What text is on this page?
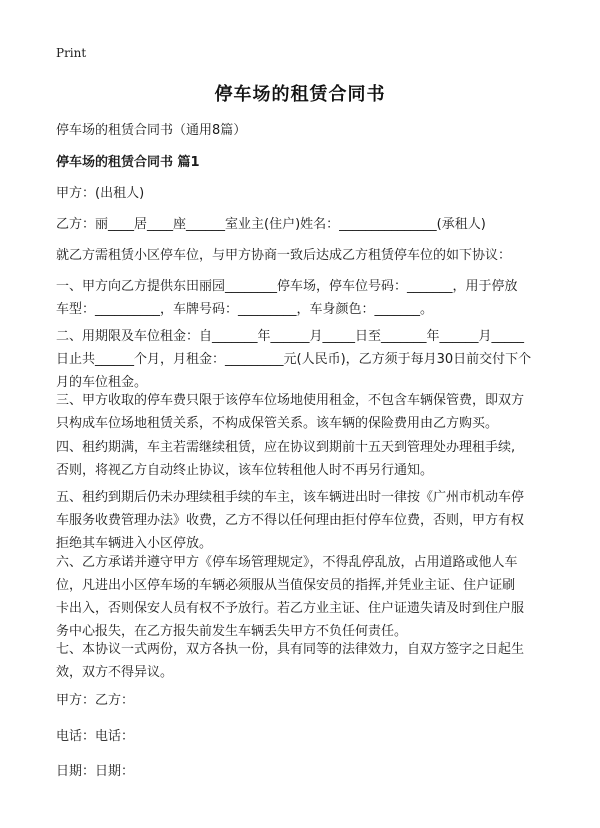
Print
停车场的租赁合同书

停车场的租赁合同书（通用8篇）

停车场的租赁合同书 篇1

甲方：(出租人)

乙方：丽____居____座______室业主(住户)姓名：_______________(承租人)

就乙方需租赁小区停车位，与甲方协商一致后达成乙方租赁停车位的如下协议：

一、甲方向乙方提供东田丽园________停车场，停车位号码：_______，用于停放
车型：__________，车牌号码：_________，车身颜色：_______。

二、用期限及车位租金：自_______年______月_____日至_______年______月_____
日止共______个月，月租金：_________元(人民币)，乙方须于每月30日前交付下个
月的车位租金。

三、甲方收取的停车费只限于该停车位场地使用租金，不包含车辆保管费，即双方
只构成车位场地租赁关系，不构成保管关系。该车辆的保险费用由乙方购买。

四、租约期满，车主若需继续租赁，应在协议到期前十五天到管理处办理租手续,
否则，将视乙方自动终止协议，该车位转租他人时不再另行通知。

五、租约到期后仍未办理续租手续的车主，该车辆进出时一律按《广州市机动车停
车服务收费管理办法》收费，乙方不得以任何理由拒付停车位费，否则，甲方有权
拒绝其车辆进入小区停放。

六、乙方承诺并遵守甲方《停车场管理规定》，不得乱停乱放，占用道路或他人车
位，凡进出小区停车场的车辆必须服从当值保安员的指挥,并凭业主证、住户证刷
卡出入，否则保安人员有权不予放行。若乙方业主证、住户证遗失请及时到住户服
务中心报失，在乙方报失前发生车辆丢失甲方不负任何责任。

七、本协议一式两份，双方各执一份，具有同等的法律效力，自双方签字之日起生
效，双方不得异议。

甲方：乙方：

电话：电话：

日期：日期：
